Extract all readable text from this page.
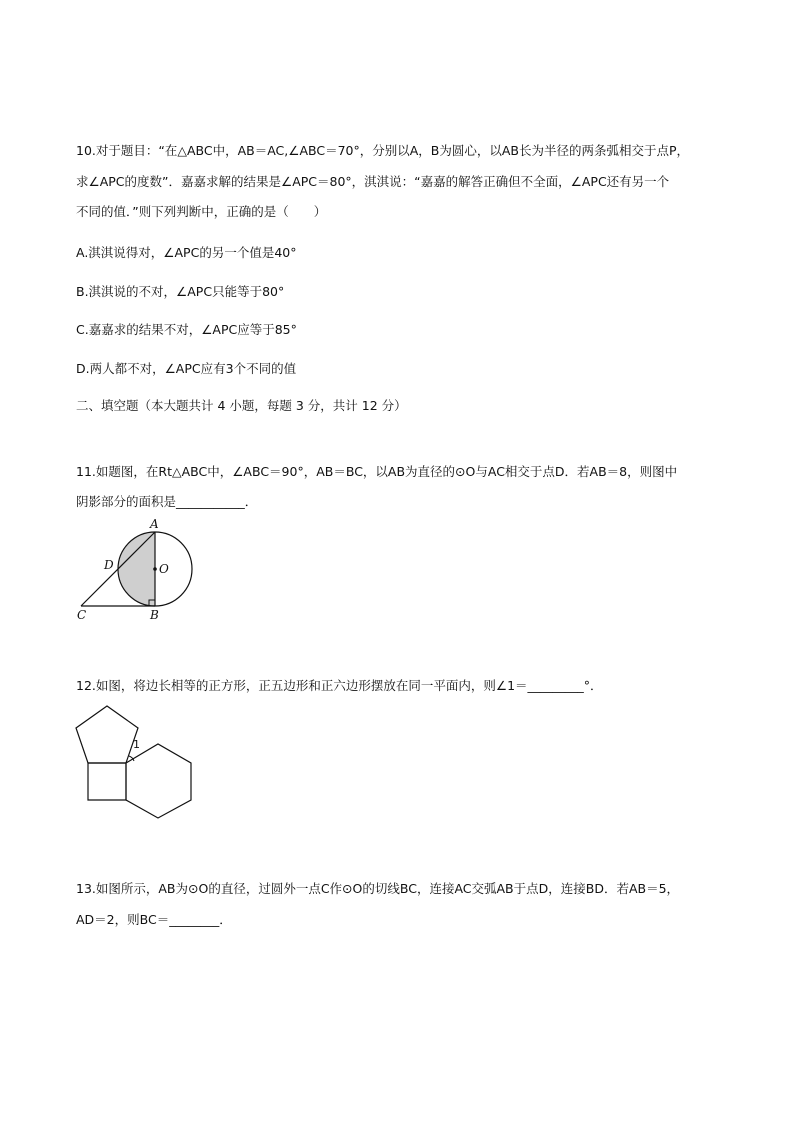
10.对于题目：“在△ABC中，AB＝AC,∠ABC＝70°，分别以A，B为圆心，以AB长为半径的两条弧相交于点P，
求∠APC的度数”．嘉嘉求解的结果是∠APC＝80°，淇淇说：“嘉嘉的解答正确但不全面，∠APC还有另一个
不同的值．”则下列判断中，正确的是（　　）
A.淇淇说得对，∠APC的另一个值是40°
B.淇淇说的不对，∠APC只能等于80°
C.嘉嘉求的结果不对，∠APC应等于85°
D.两人都不对，∠APC应有3个不同的值
二、填空题（本大题共计 4 小题，每题 3 分，共计 12 分）
11.如题图，在Rt△ABC中，∠ABC＝90°，AB＝BC，以AB为直径的⊙O与AC相交于点D．若AB＝8，则图中
阴影部分的面积是___________．
A
D	O
C	B
12.如图，将边长相等的正方形，正五边形和正六边形摆放在同一平面内，则∠1＝_________°．
1
13.如图所示，AB为⊙O的直径，过圆外一点C作⊙O的切线BC，连接AC交弧AB于点D，连接BD．若AB＝5，
AD＝2，则BC＝________．
